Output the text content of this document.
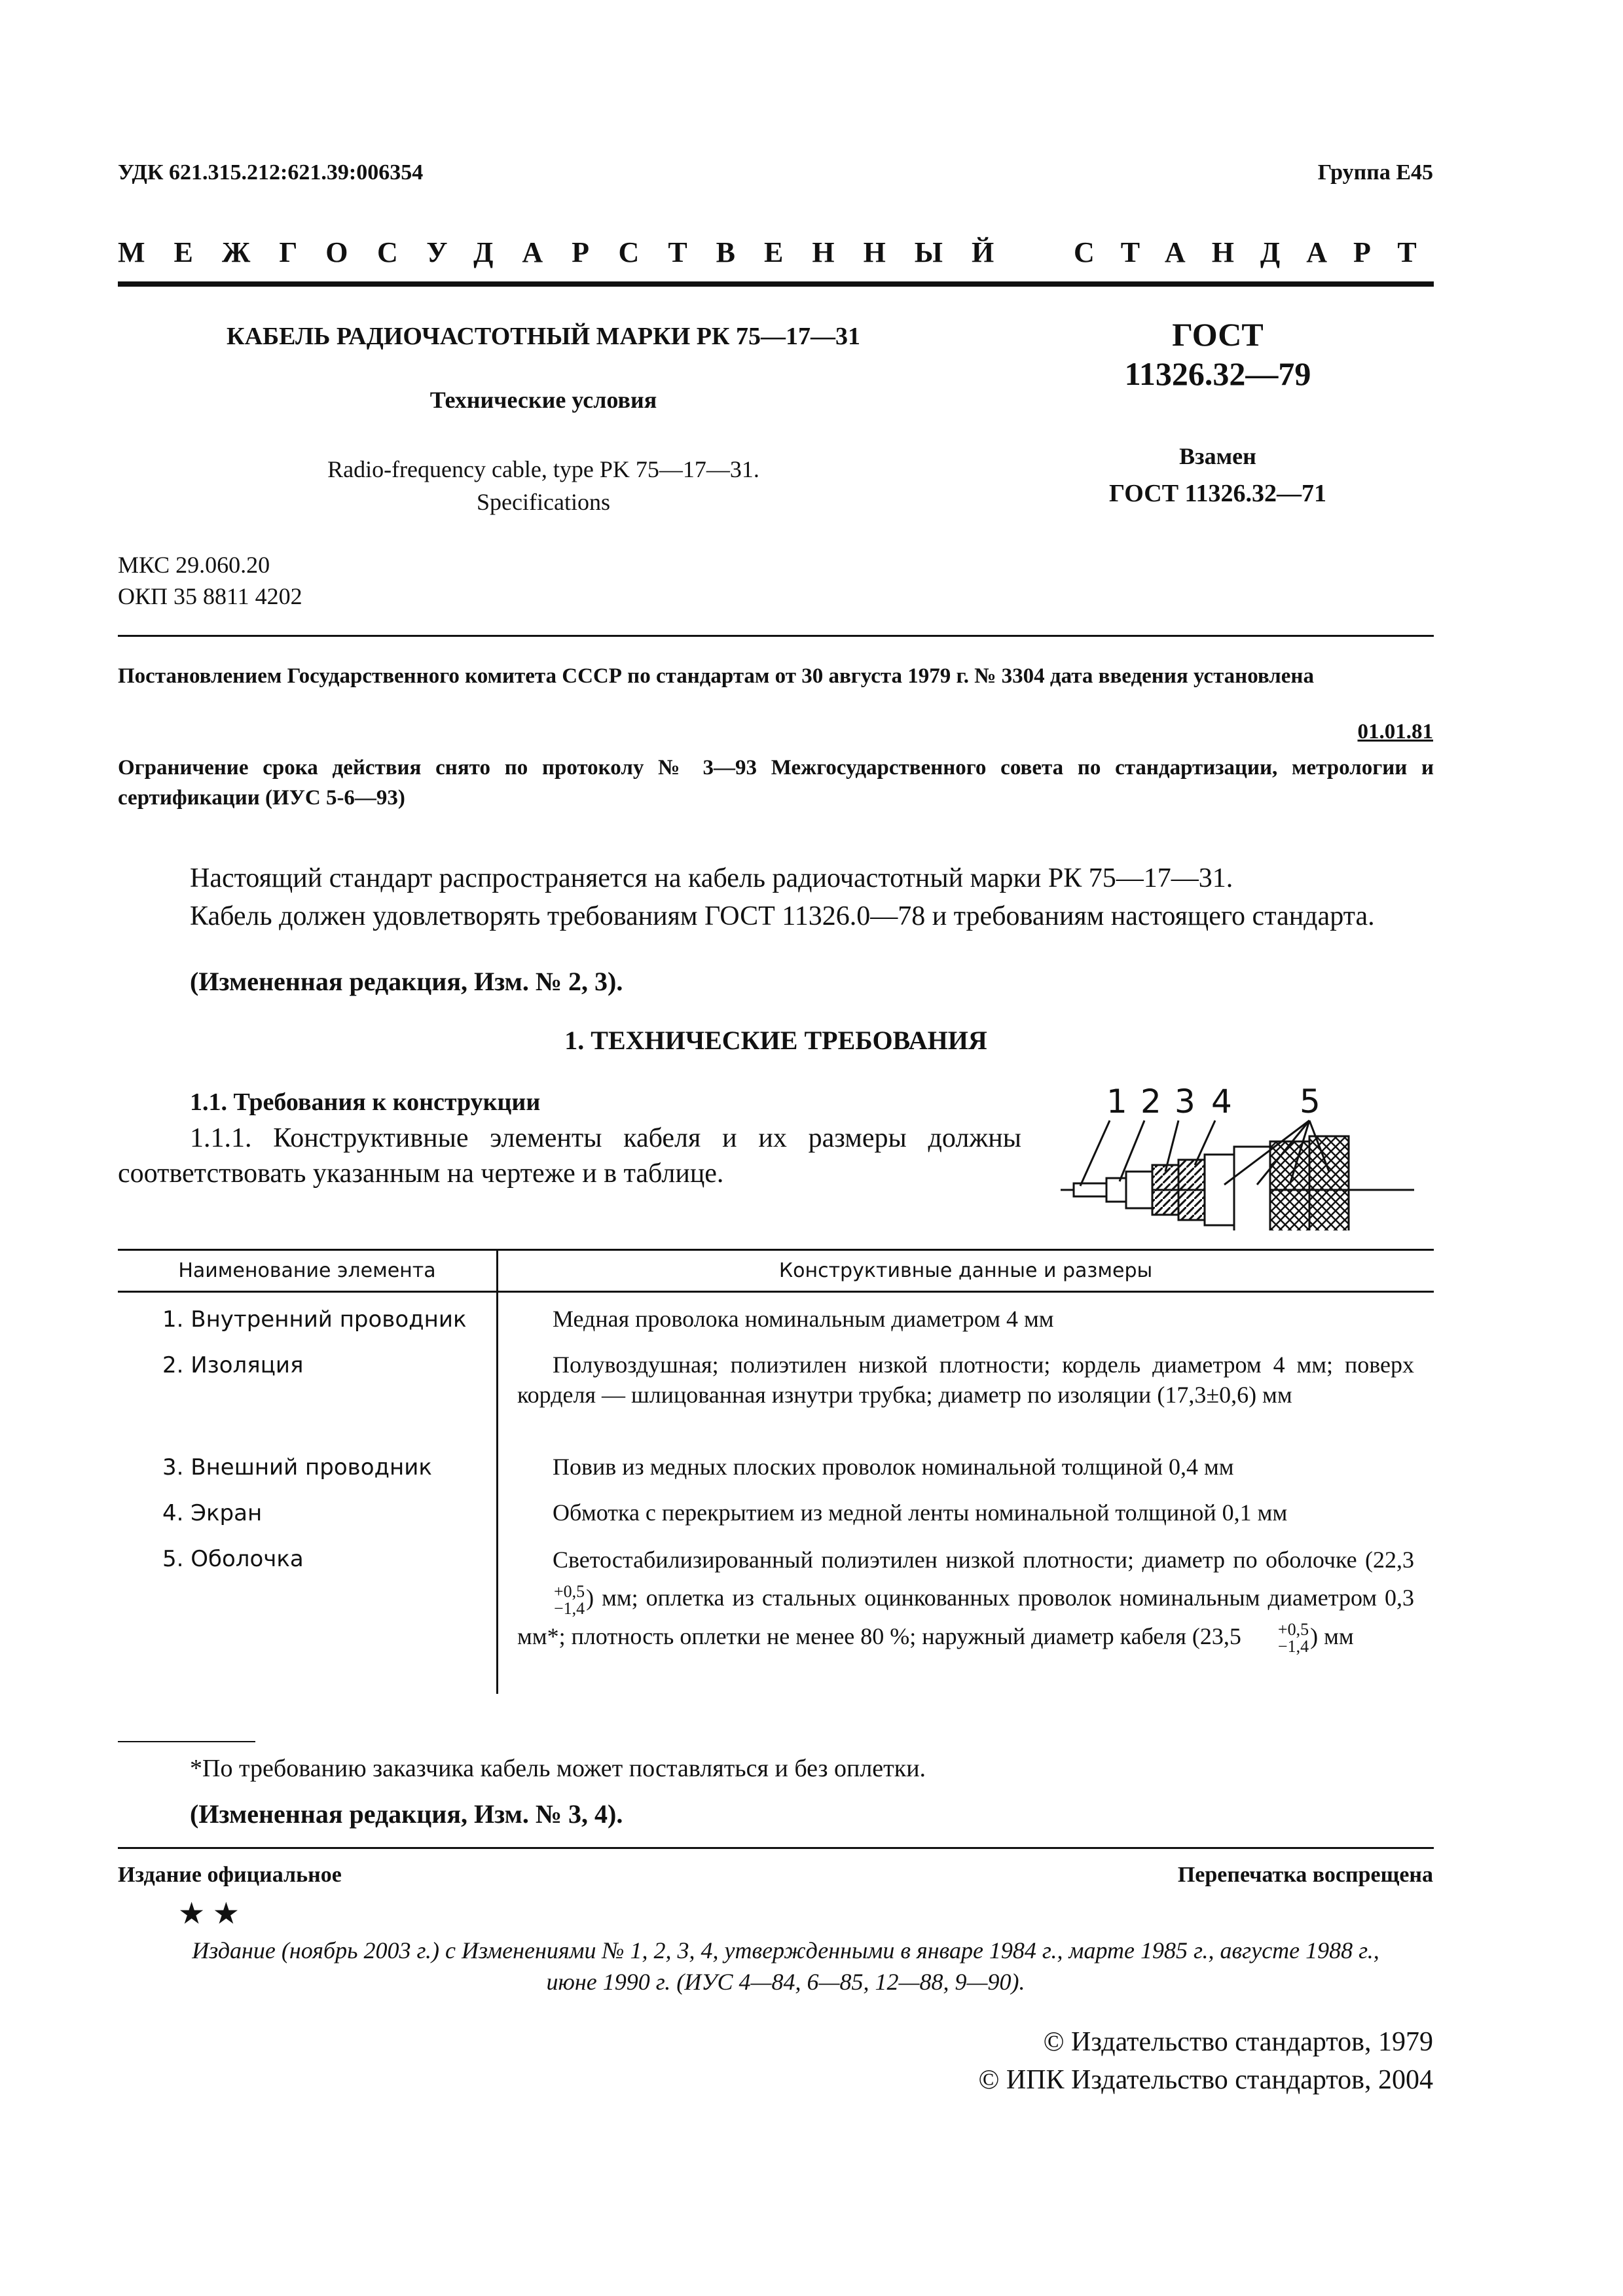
УДК 621.315.212:621.39:006354	Группа Е45
МЕЖГОСУДАРСТВЕННЫЙ СТАНДАРТ
КАБЕЛЬ РАДИОЧАСТОТНЫЙ МАРКИ РК 75—17—31
Технические условия
Radio-frequency cable, type PK 75—17—31.
Specifications
ГОСТ
11326.32—79
Взамен
ГОСТ 11326.32—71
МКС 29.060.20
ОКП 35 8811 4202
Постановлением Государственного комитета СССР по стандартам от 30 августа 1979 г. № 3304 дата введения установлена
01.01.81
Ограничение срока действия снято по протоколу № 3—93 Межгосударственного совета по стандартизации, метрологии и сертификации (ИУС 5-6—93)
Настоящий стандарт распространяется на кабель радиочастотный марки РК 75—17—31.
Кабель должен удовлетворять требованиям ГОСТ 11326.0—78 и требованиям настоящего стандарта.
(Измененная редакция, Изм. № 2, 3).
1. ТЕХНИЧЕСКИЕ ТРЕБОВАНИЯ
1.1. Требования к конструкции
1.1.1. Конструктивные элементы кабеля и их размеры должны соответствовать указанным на чертеже и в таблице.
1 2 3 4 5
Наименование элемента	Конструктивные данные и размеры
1. Внутренний проводник	Медная проволока номинальным диаметром 4 мм
2. Изоляция	Полувоздушная; полиэтилен низкой плотности; кордель диаметром 4 мм; поверх корделя — шлицованная изнутри трубка; диаметр по изоляции (17,3±0,6) мм
3. Внешний проводник	Повив из медных плоских проволок номинальной толщиной 0,4 мм
4. Экран	Обмотка с перекрытием из медной ленты номинальной толщиной 0,1 мм
5. Оболочка	Светостабилизированный полиэтилен низкой плотности; диаметр по оболочке (22,3
+0,5
−1,4 ) мм; оплетка из стальных оцинкованных проволок номинальным диаметром 0,3 мм*; плотность оплетки не менее 80 %; наружный диаметр кабеля (23,5	+0,5
−1,4 ) мм
*По требованию заказчика кабель может поставляться и без оплетки.
(Измененная редакция, Изм. № 3, 4).
Издание официальное	Перепечатка воспрещена
★ ★
Издание (ноябрь 2003 г.) с Изменениями № 1, 2, 3, 4, утвержденными в январе 1984 г., марте 1985 г., августе 1988 г., июне 1990 г. (ИУС 4—84, 6—85, 12—88, 9—90).
© Издательство стандартов, 1979
© ИПК Издательство стандартов, 2004
